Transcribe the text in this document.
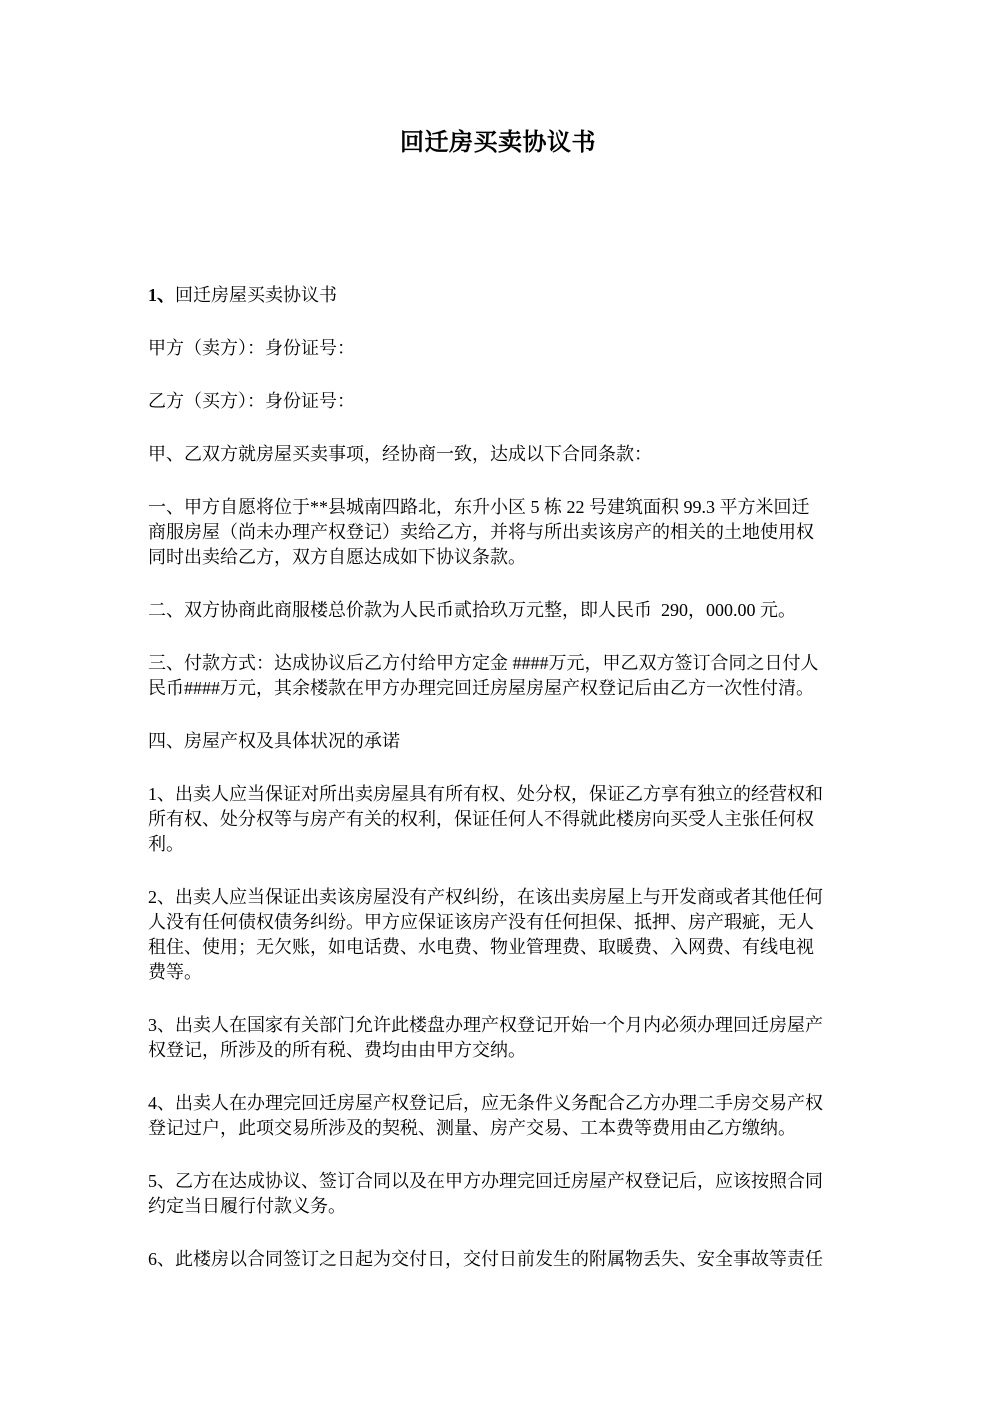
回迁房买卖协议书

1、回迁房屋买卖协议书

甲方（卖方）：身份证号：

乙方（买方）：身份证号：

甲、乙双方就房屋买卖事项，经协商一致，达成以下合同条款：

一、甲方自愿将位于**县城南四路北，东升小区 5 栋 22 号建筑面积 99.3 平方米回迁
商服房屋（尚未办理产权登记）卖给乙方，并将与所出卖该房产的相关的土地使用权
同时出卖给乙方，双方自愿达成如下协议条款。

二、双方协商此商服楼总价款为人民币贰拾玖万元整，即人民币  290，000.00 元。

三、付款方式：达成协议后乙方付给甲方定金 ####万元，甲乙双方签订合同之日付人
民币####万元，其余楼款在甲方办理完回迁房屋房屋产权登记后由乙方一次性付清。

四、房屋产权及具体状况的承诺

1、出卖人应当保证对所出卖房屋具有所有权、处分权，保证乙方享有独立的经营权和
所有权、处分权等与房产有关的权利，保证任何人不得就此楼房向买受人主张任何权
利。

2、出卖人应当保证出卖该房屋没有产权纠纷，在该出卖房屋上与开发商或者其他任何
人没有任何债权债务纠纷。甲方应保证该房产没有任何担保、抵押、房产瑕疵，无人
租住、使用；无欠账，如电话费、水电费、物业管理费、取暖费、入网费、有线电视
费等。

3、出卖人在国家有关部门允许此楼盘办理产权登记开始一个月内必须办理回迁房屋产
权登记，所涉及的所有税、费均由由甲方交纳。

4、出卖人在办理完回迁房屋产权登记后，应无条件义务配合乙方办理二手房交易产权
登记过户，此项交易所涉及的契税、测量、房产交易、工本费等费用由乙方缴纳。

5、乙方在达成协议、签订合同以及在甲方办理完回迁房屋产权登记后，应该按照合同
约定当日履行付款义务。

6、此楼房以合同签订之日起为交付日，交付日前发生的附属物丢失、安全事故等责任
